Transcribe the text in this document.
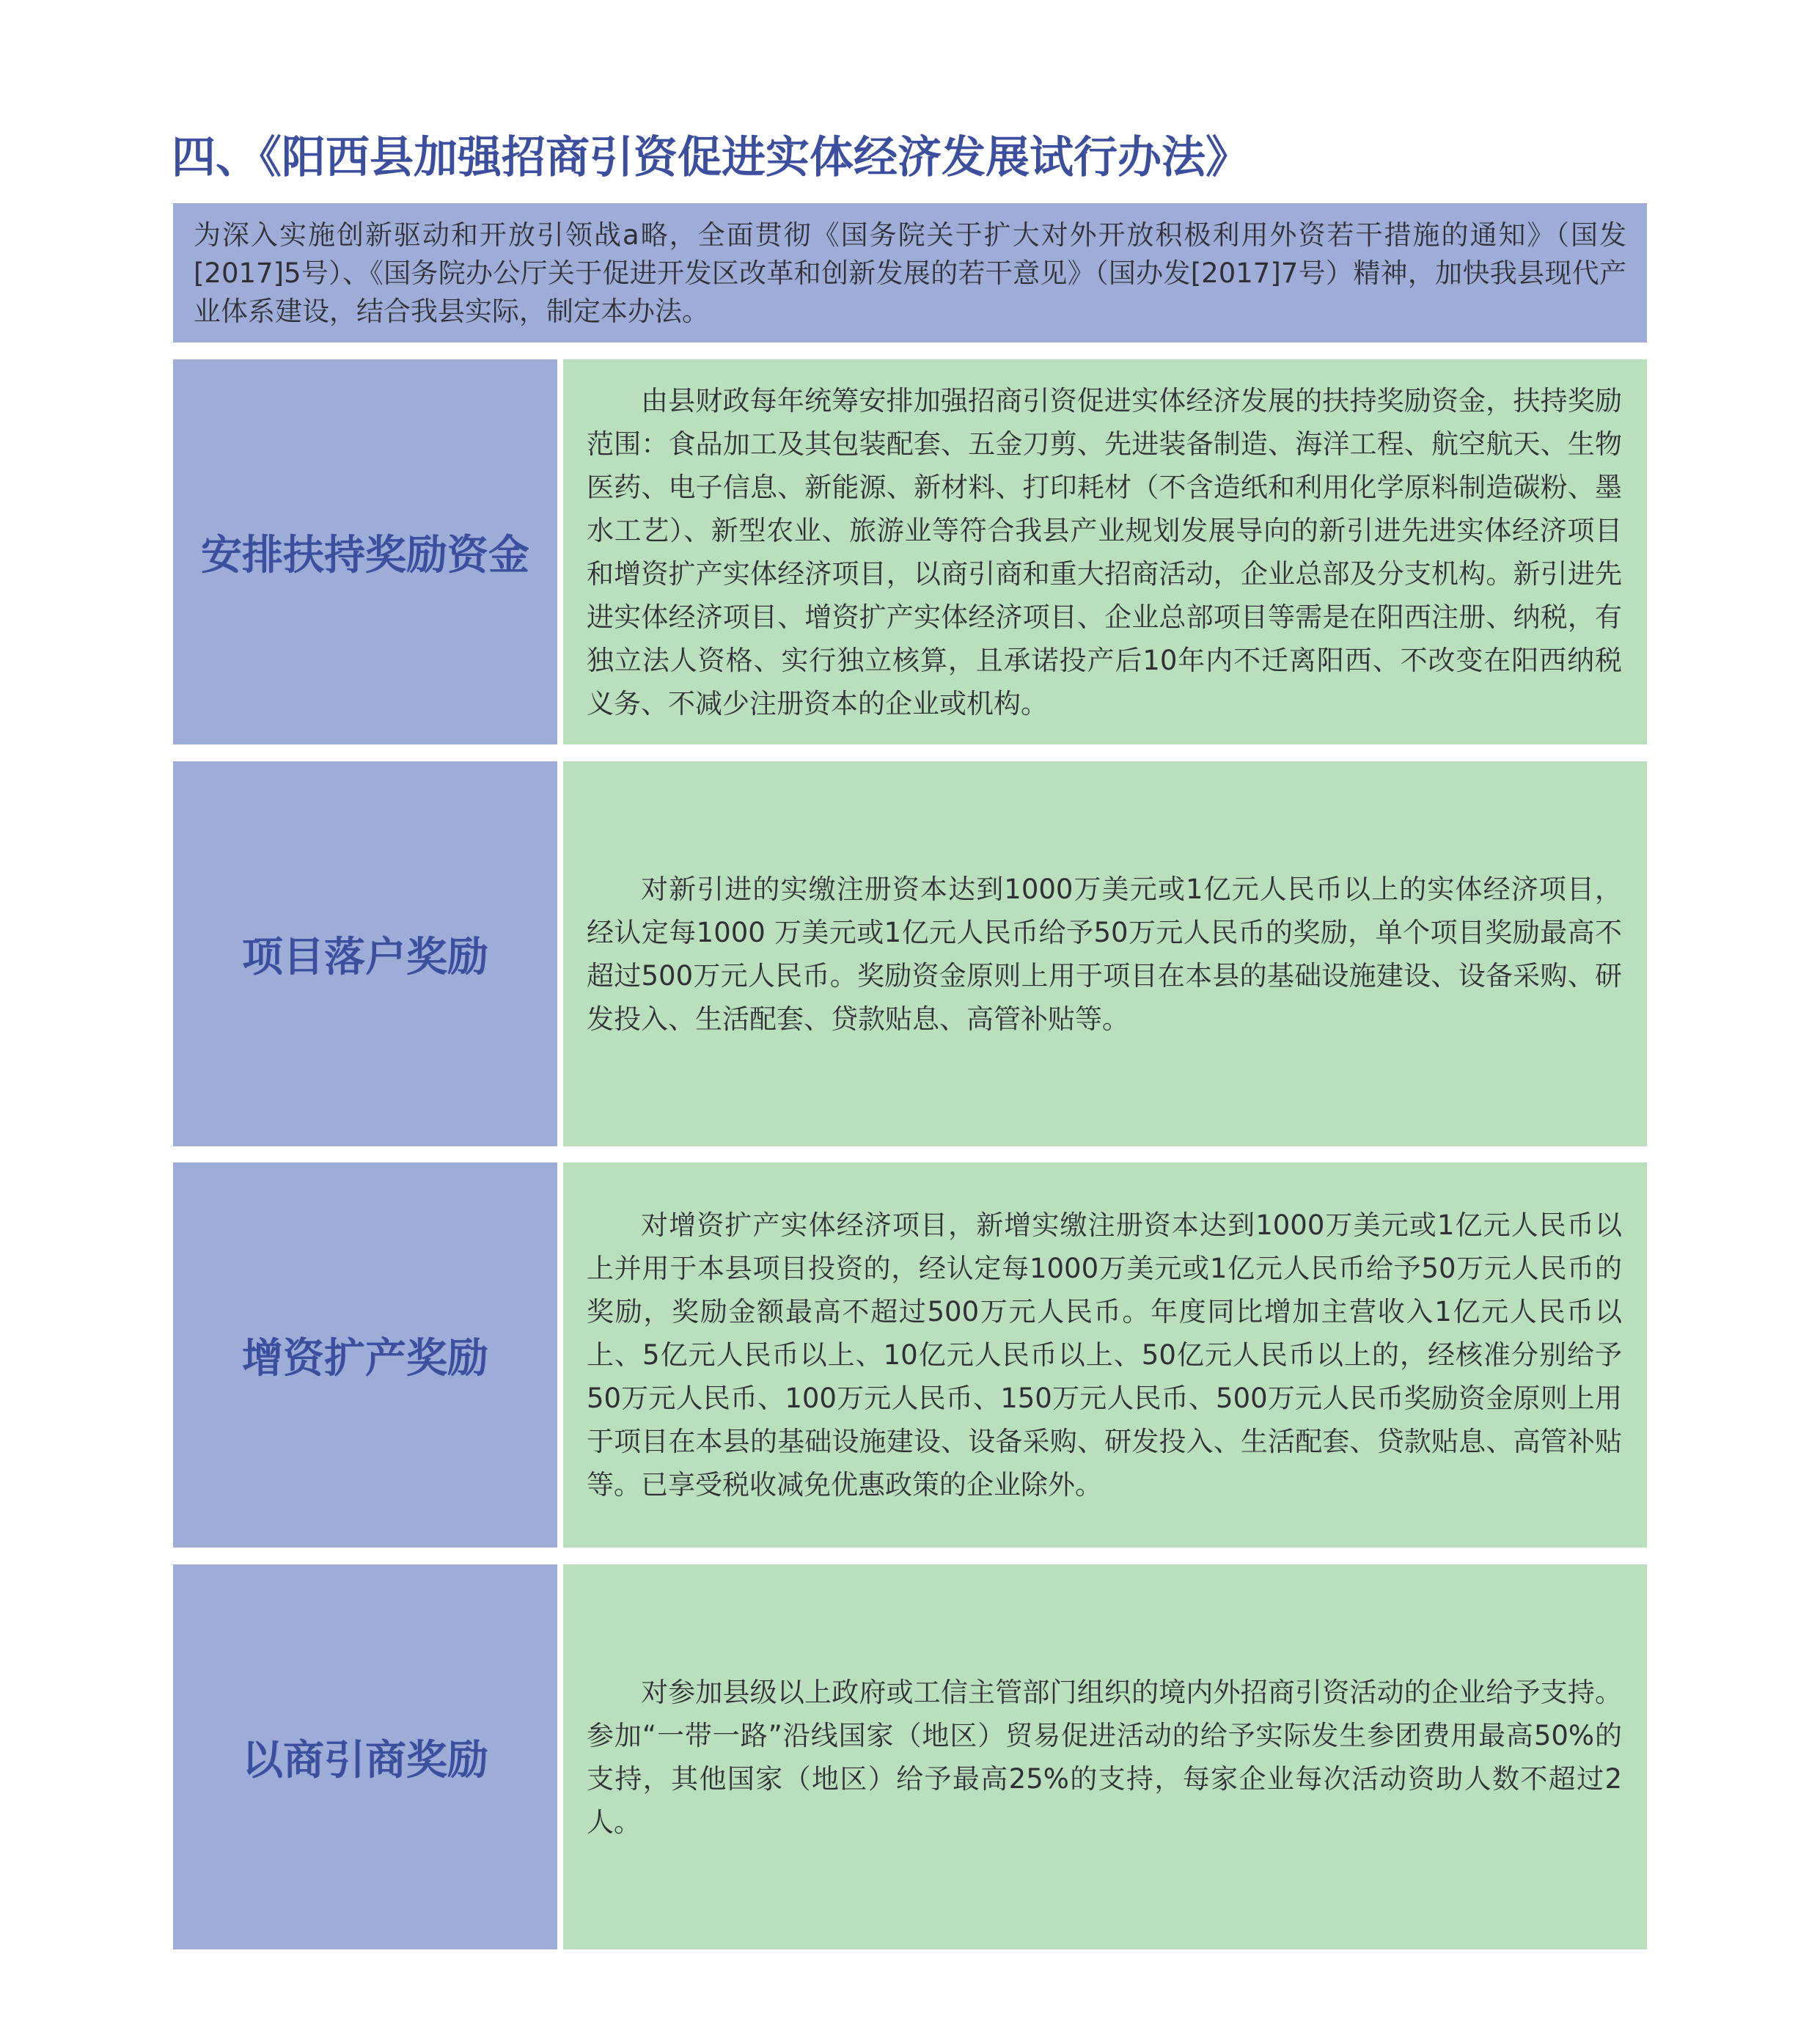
四、《阳西县加强招商引资促进实体经济发展试行办法》

为深入实施创新驱动和开放引领战a略，全面贯彻《国务院关于扩大对外开放积极利用外资若干措施的通知》（国发[2017]5号）、《国务院办公厅关于促进开发区改革和创新发展的若干意见》（国办发[2017]7号）精神，加快我县现代产业体系建设，结合我县实际，制定本办法。

安排扶持奖励资金

由县财政每年统筹安排加强招商引资促进实体经济发展的扶持奖励资金，扶持奖励范围：食品加工及其包装配套、五金刀剪、先进装备制造、海洋工程、航空航天、生物医药、电子信息、新能源、新材料、打印耗材（不含造纸和利用化学原料制造碳粉、墨水工艺）、新型农业、旅游业等符合我县产业规划发展导向的新引进先进实体经济项目和增资扩产实体经济项目，以商引商和重大招商活动，企业总部及分支机构。新引进先进实体经济项目、增资扩产实体经济项目、企业总部项目等需是在阳西注册、纳税，有独立法人资格、实行独立核算，且承诺投产后10年内不迁离阳西、不改变在阳西纳税义务、不减少注册资本的企业或机构。

项目落户奖励

对新引进的实缴注册资本达到1000万美元或1亿元人民币以上的实体经济项目，经认定每1000 万美元或1亿元人民币给予50万元人民币的奖励，单个项目奖励最高不超过500万元人民币。奖励资金原则上用于项目在本县的基础设施建设、设备采购、研发投入、生活配套、贷款贴息、高管补贴等。

增资扩产奖励

对增资扩产实体经济项目，新增实缴注册资本达到1000万美元或1亿元人民币以上并用于本县项目投资的，经认定每1000万美元或1亿元人民币给予50万元人民币的奖励，奖励金额最高不超过500万元人民币。年度同比增加主营收入1亿元人民币以上、5亿元人民币以上、10亿元人民币以上、50亿元人民币以上的，经核准分别给予50万元人民币、100万元人民币、150万元人民币、500万元人民币奖励资金原则上用于项目在本县的基础设施建设、设备采购、研发投入、生活配套、贷款贴息、高管补贴等。已享受税收减免优惠政策的企业除外。

以商引商奖励

对参加县级以上政府或工信主管部门组织的境内外招商引资活动的企业给予支持。参加“一带一路”沿线国家（地区）贸易促进活动的给予实际发生参团费用最高50%的支持，其他国家（地区）给予最高25%的支持，每家企业每次活动资助人数不超过2人。
